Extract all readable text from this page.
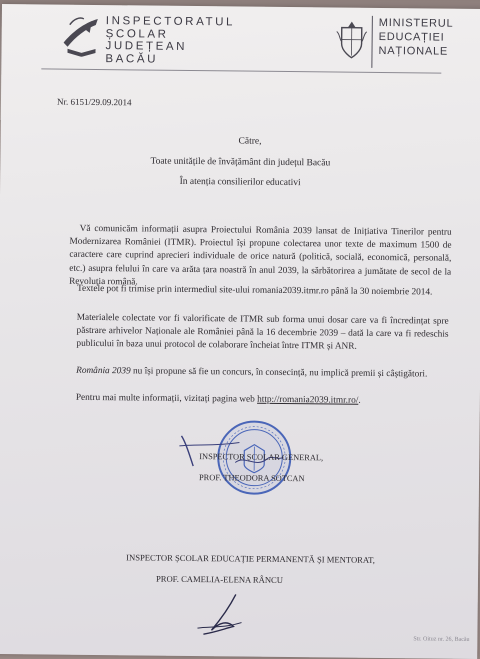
INSPECTORATUL
ȘCOLAR
JUDEȚEAN
BACĂU
MINISTERUL
EDUCAȚIEI
NAȚIONALE
Nr. 6151/29.09.2014
Către,
Toate unitățile de învățământ din județul Bacău
În atenția consilierilor educativi
Vă comunicăm informații asupra Proiectului România 2039 lansat de Inițiativa Tinerilor pentru Modernizarea României (ITMR). Proiectul își propune colectarea unor texte de maximum 1500 de caractere care cuprind aprecieri individuale de orice natură (politică, socială, economică, personală, etc.) asupra felului în care va arăta țara noastră în anul 2039, la sărbătorirea a jumătate de secol de la Revoluția română.
Textele pot fi trimise prin intermediul site-ului romania2039.itmr.ro până la 30 noiembrie 2014.
Materialele colectate vor fi valorificate de ITMR sub forma unui dosar care va fi încredințat spre păstrare arhivelor Naționale ale României până la 16 decembrie 2039 – dată la care va fi redeschis publicului în baza unui protocol de colaborare încheiat între ITMR și ANR.
România 2039 nu își propune să fie un concurs, în consecință, nu implică premii și câștigători.
Pentru mai multe informații, vizitați pagina web http://romania2039.itmr.ro/.
INSPECTOR ȘCOLAR GENERAL,
PROF. THEODORA SOTCAN
INSPECTOR ȘCOLAR EDUCAȚIE PERMANENTĂ ȘI MENTORAT,
PROF. CAMELIA-ELENA RÂNCU
Str. Oituz nr. 26, Bacău
